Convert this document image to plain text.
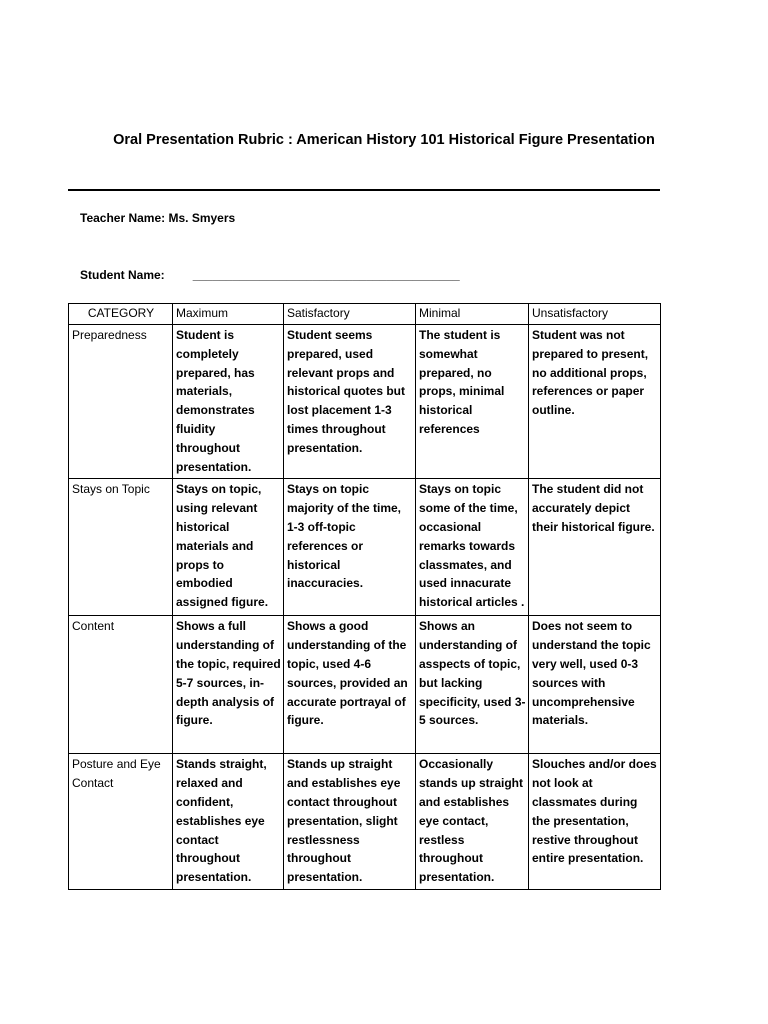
Oral Presentation Rubric : American History 101 Historical Figure Presentation
Teacher Name: Ms. Smyers
Student Name: ________________________________________
CATEGORY	Maximum	Satisfactory	Minimal	Unsatisfactory
Preparedness	Student is completely prepared, has materials, demonstrates fluidity throughout presentation.	Student seems prepared, used relevant props and historical quotes but lost placement 1-3 times throughout presentation.	The student is somewhat prepared, no props, minimal historical references	Student was not prepared to present, no additional props, references or paper outline.
Stays on Topic	Stays on topic, using relevant historical materials and props to embodied assigned figure.	Stays on topic majority of the time, 1-3 off-topic references or historical inaccuracies.	Stays on topic some of the time, occasional remarks towards classmates, and used innacurate historical articles .	The student did not accurately depict their historical figure.
Content	Shows a full understanding of the topic, required 5-7 sources, in-depth analysis of figure.	Shows a good understanding of the topic, used 4-6 sources, provided an accurate portrayal of figure.	Shows an understanding of asspects of topic, but lacking specificity, used 3-5 sources.	Does not seem to understand the topic very well, used 0-3 sources with uncomprehensive materials.
Posture and Eye Contact	Stands straight, relaxed and confident, establishes eye contact throughout presentation.	Stands up straight and establishes eye contact throughout presentation, slight restlessness throughout presentation.	Occasionally stands up straight and establishes eye contact, restless throughout presentation.	Slouches and/or does not look at classmates during the presentation, restive throughout entire presentation.
